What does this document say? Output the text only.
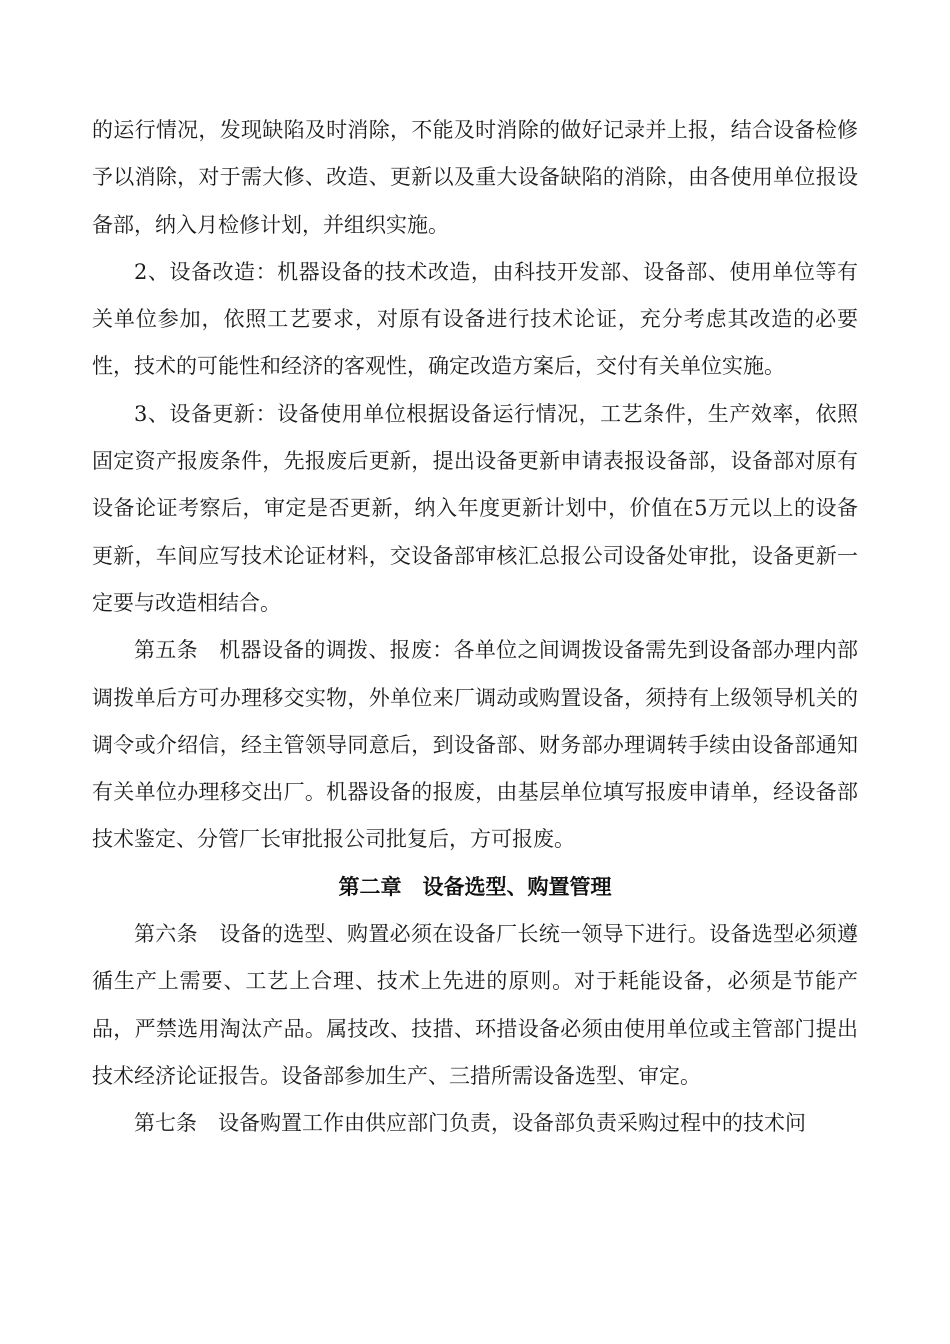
的运行情况，发现缺陷及时消除，不能及时消除的做好记录并上报，结合设备检修予以消除，对于需大修、改造、更新以及重大设备缺陷的消除，由各使用单位报设备部，纳入月检修计划，并组织实施。

2、设备改造：机器设备的技术改造，由科技开发部、设备部、使用单位等有关单位参加，依照工艺要求，对原有设备进行技术论证，充分考虑其改造的必要性，技术的可能性和经济的客观性，确定改造方案后，交付有关单位实施。

3、设备更新：设备使用单位根据设备运行情况，工艺条件，生产效率，依照固定资产报废条件，先报废后更新，提出设备更新申请表报设备部，设备部对原有设备论证考察后，审定是否更新，纳入年度更新计划中，价值在5万元以上的设备更新，车间应写技术论证材料，交设备部审核汇总报公司设备处审批，设备更新一定要与改造相结合。

第五条　机器设备的调拨、报废：各单位之间调拨设备需先到设备部办理内部调拨单后方可办理移交实物，外单位来厂调动或购置设备，须持有上级领导机关的调令或介绍信，经主管领导同意后，到设备部、财务部办理调转手续由设备部通知有关单位办理移交出厂。机器设备的报废，由基层单位填写报废申请单，经设备部技术鉴定、分管厂长审批报公司批复后，方可报废。

第二章　设备选型、购置管理

第六条　设备的选型、购置必须在设备厂长统一领导下进行。设备选型必须遵循生产上需要、工艺上合理、技术上先进的原则。对于耗能设备，必须是节能产品，严禁选用淘汰产品。属技改、技措、环措设备必须由使用单位或主管部门提出技术经济论证报告。设备部参加生产、三措所需设备选型、审定。

第七条　设备购置工作由供应部门负责，设备部负责采购过程中的技术问
